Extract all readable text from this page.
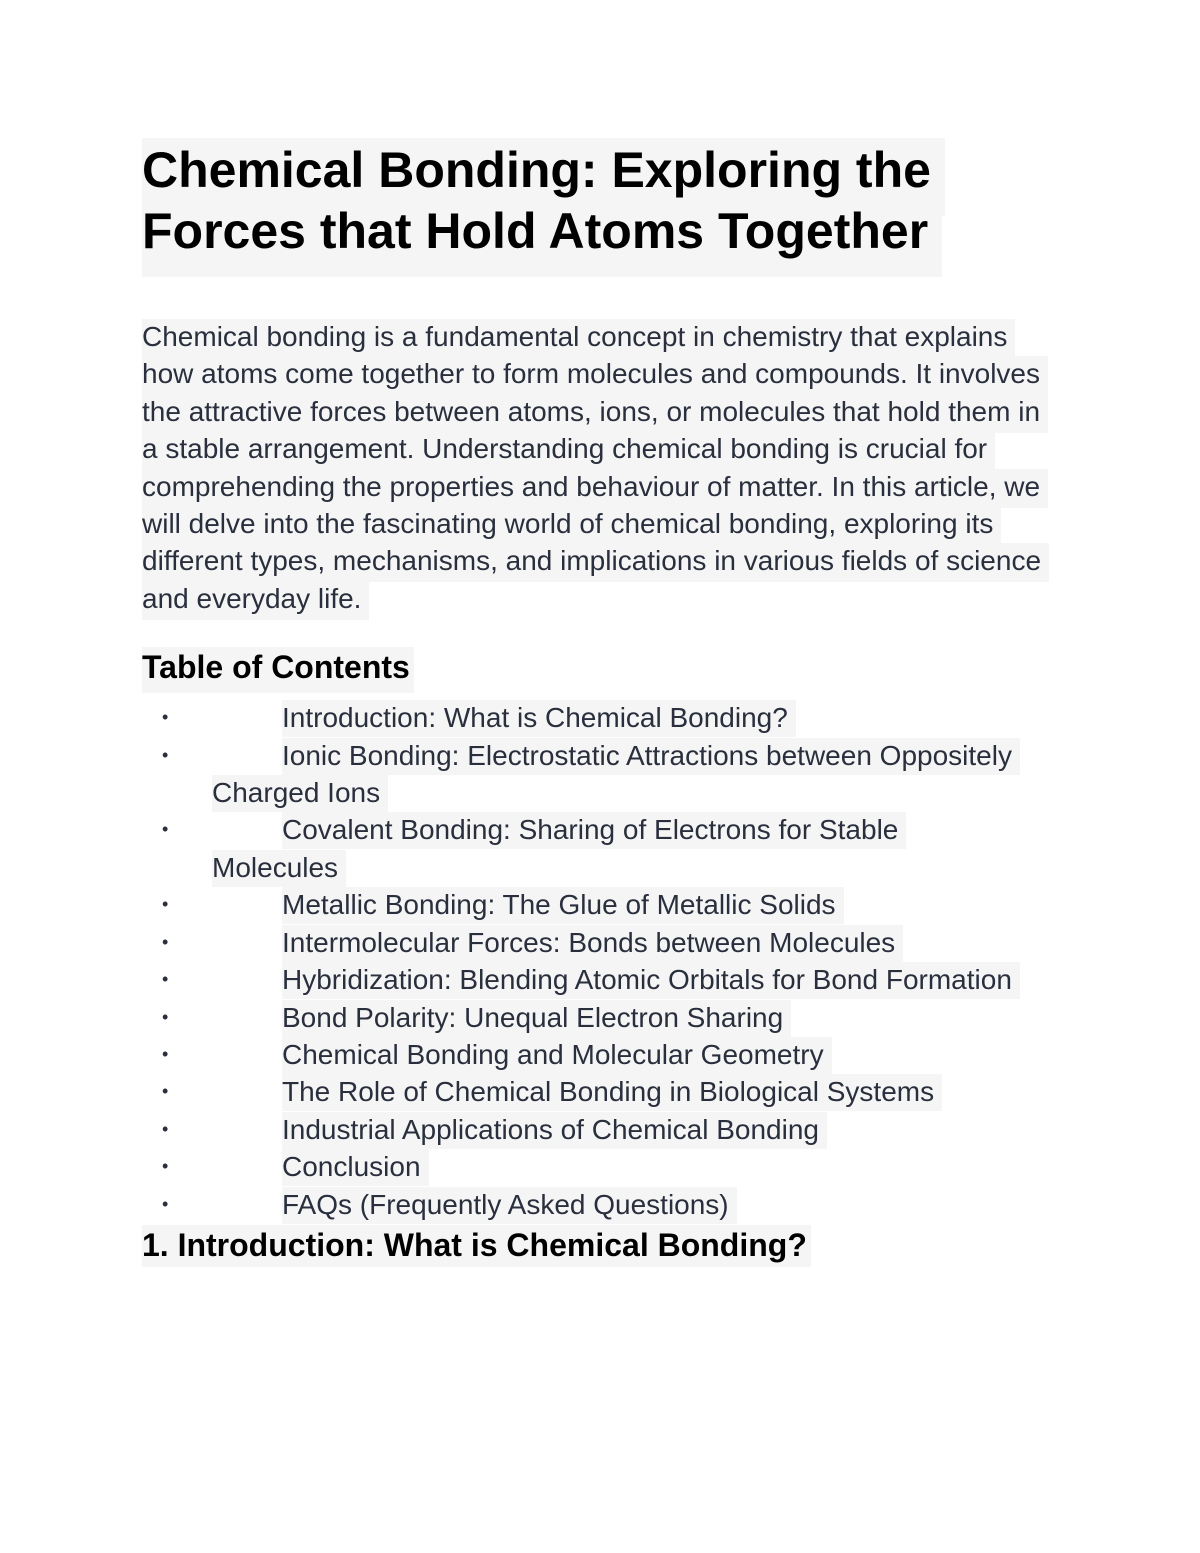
Chemical Bonding: Exploring the Forces that Hold Atoms Together

Chemical bonding is a fundamental concept in chemistry that explains how atoms come together to form molecules and compounds. It involves the attractive forces between atoms, ions, or molecules that hold them in a stable arrangement. Understanding chemical bonding is crucial for comprehending the properties and behaviour of matter. In this article, we will delve into the fascinating world of chemical bonding, exploring its different types, mechanisms, and implications in various fields of science and everyday life.

Table of Contents
•	Introduction: What is Chemical Bonding?
•	Ionic Bonding: Electrostatic Attractions between Oppositely Charged Ions
•	Covalent Bonding: Sharing of Electrons for Stable Molecules
•	Metallic Bonding: The Glue of Metallic Solids
•	Intermolecular Forces: Bonds between Molecules
•	Hybridization: Blending Atomic Orbitals for Bond Formation
•	Bond Polarity: Unequal Electron Sharing
•	Chemical Bonding and Molecular Geometry
•	The Role of Chemical Bonding in Biological Systems
•	Industrial Applications of Chemical Bonding
•	Conclusion
•	FAQs (Frequently Asked Questions)
1. Introduction: What is Chemical Bonding?
